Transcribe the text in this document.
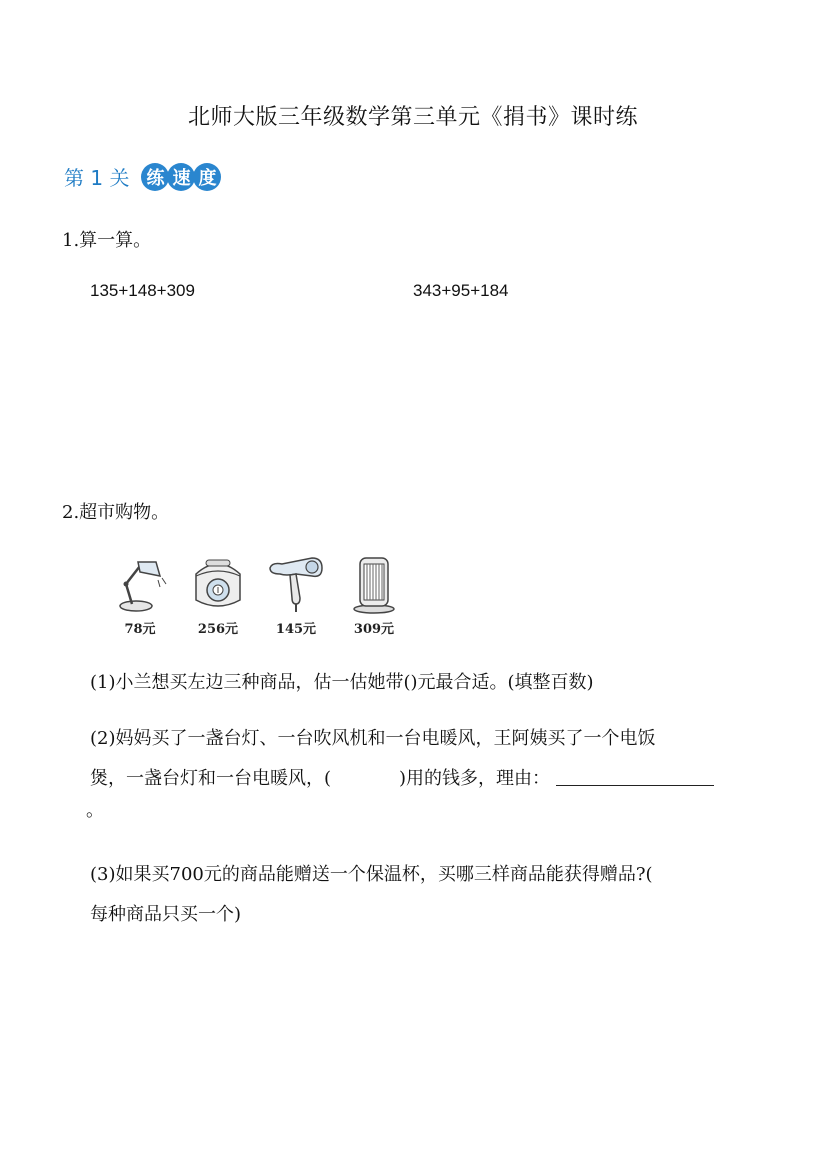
北师大版三年级数学第三单元《捐书》课时练
第 1 关 练 速 度
1.算一算。
135+148+309	343+95+184
2.超市购物。
78元	256元	145元	309元
(1)小兰想买左边三种商品，估一估她带()元最合适。(填整百数)
(2)妈妈买了一盏台灯、一台吹风机和一台电暖风，王阿姨买了一个电饭
煲，一盏台灯和一台电暖风，(	)用的钱多，理由：
。
(3)如果买700元的商品能赠送一个保温杯，买哪三样商品能获得赠品?(
每种商品只买一个)
